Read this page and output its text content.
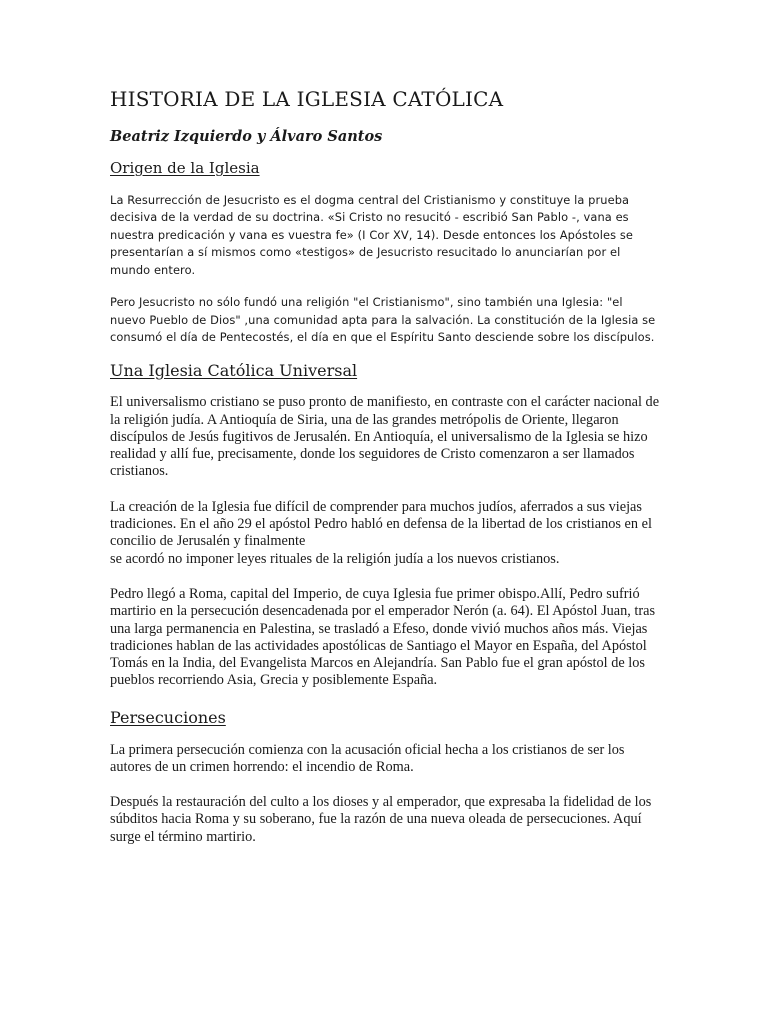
HISTORIA DE LA IGLESIA CATÓLICA

Beatriz Izquierdo y Álvaro Santos

Origen de la Iglesia

La Resurrección de Jesucristo es el dogma central del Cristianismo y constituye la prueba decisiva de la verdad de su doctrina. «Si Cristo no resucitó - escribió San Pablo -, vana es nuestra predicación y vana es vuestra fe» (I Cor XV, 14). Desde entonces los Apóstoles se presentarían a sí mismos como «testigos» de Jesucristo resucitado lo anunciarían por el mundo entero.

Pero Jesucristo no sólo fundó una religión "el Cristianismo", sino también una Iglesia: "el nuevo Pueblo de Dios" ,una comunidad apta para la salvación. La constitución de la Iglesia se consumó el día de Pentecostés, el día en que el Espíritu Santo desciende sobre los discípulos.

Una Iglesia Católica Universal

El universalismo cristiano se puso pronto de manifiesto, en contraste con el carácter nacional de la religión judía. A Antioquía de Siria, una de las grandes metrópolis de Oriente, llegaron discípulos de Jesús fugitivos de Jerusalén. En Antioquía, el universalismo de la Iglesia se hizo realidad y allí fue, precisamente, donde los seguidores de Cristo comenzaron a ser llamados cristianos.

La creación de la Iglesia fue difícil de comprender para muchos judíos, aferrados a sus viejas tradiciones. En el año 29 el apóstol Pedro habló en defensa de la libertad de los cristianos en el concilio de Jerusalén y finalmente

se acordó no imponer leyes rituales de la religión judía a los nuevos cristianos.

Pedro llegó a Roma, capital del Imperio, de cuya Iglesia fue primer obispo.Allí, Pedro sufrió martirio en la persecución desencadenada por el emperador Nerón (a. 64). El Apóstol Juan, tras una larga permanencia en Palestina, se trasladó a Efeso, donde vivió muchos años más. Viejas tradiciones hablan de las actividades apostólicas de Santiago el Mayor en España, del Apóstol Tomás en la India, del Evangelista Marcos en Alejandría. San Pablo fue el gran apóstol de los pueblos recorriendo Asia, Grecia y posiblemente España.

Persecuciones

La primera persecución comienza con la acusación oficial hecha a los cristianos de ser los autores de un crimen horrendo: el incendio de Roma.

Después la restauración del culto a los dioses y al emperador, que expresaba la fidelidad de los súbditos hacia Roma y su soberano, fue la razón de una nueva oleada de persecuciones. Aquí surge el término martirio.
